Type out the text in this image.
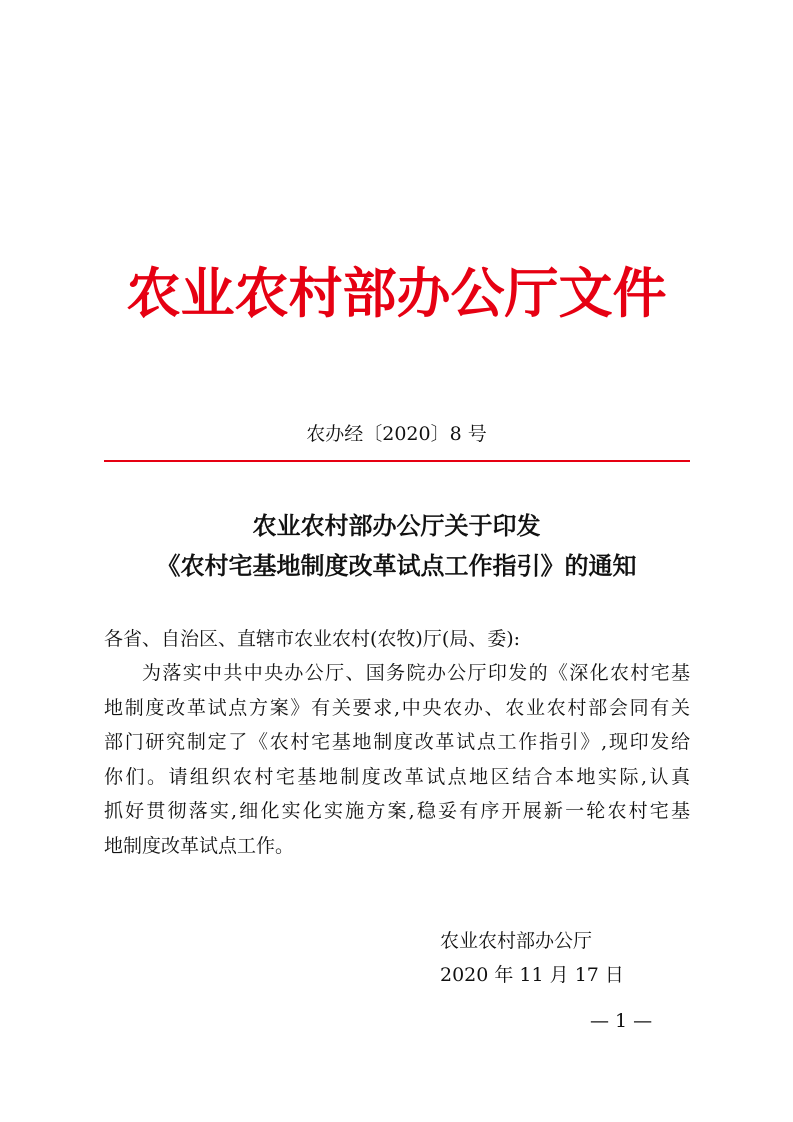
农业农村部办公厅文件
农办经〔2020〕8 号
农业农村部办公厅关于印发
《农村宅基地制度改革试点工作指引》的通知
各省、自治区、直辖市农业农村(农牧)厅(局、委):
为落实中共中央办公厅、国务院办公厅印发的《深化农村宅基
地制度改革试点方案》有关要求,中央农办、农业农村部会同有关
部门研究制定了《农村宅基地制度改革试点工作指引》,现印发给
你们。请组织农村宅基地制度改革试点地区结合本地实际,认真
抓好贯彻落实,细化实化实施方案,稳妥有序开展新一轮农村宅基
地制度改革试点工作。
农业农村部办公厅
2020 年 11 月 17 日
— 1 —
